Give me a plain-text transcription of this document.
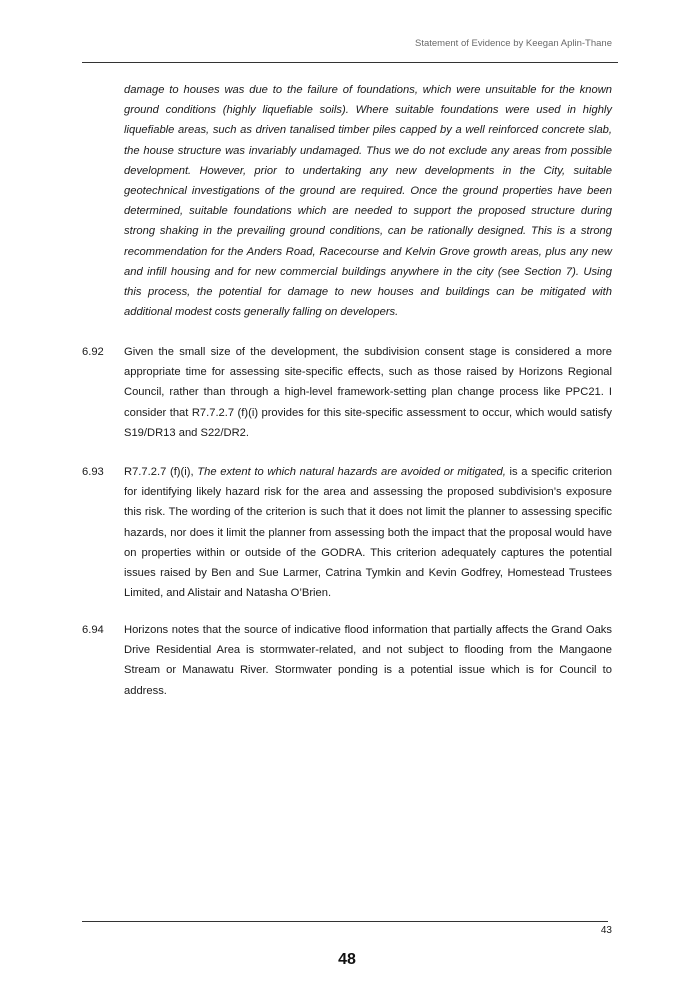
Statement of Evidence by Keegan Aplin-Thane
damage to houses was due to the failure of foundations, which were unsuitable for the known ground conditions (highly liquefiable soils). Where suitable foundations were used in highly liquefiable areas, such as driven tanalised timber piles capped by a well reinforced concrete slab, the house structure was invariably undamaged. Thus we do not exclude any areas from possible development. However, prior to undertaking any new developments in the City, suitable geotechnical investigations of the ground are required. Once the ground properties have been determined, suitable foundations which are needed to support the proposed structure during strong shaking in the prevailing ground conditions, can be rationally designed. This is a strong recommendation for the Anders Road, Racecourse and Kelvin Grove growth areas, plus any new and infill housing and for new commercial buildings anywhere in the city (see Section 7). Using this process, the potential for damage to new houses and buildings can be mitigated with additional modest costs generally falling on developers.
6.92 Given the small size of the development, the subdivision consent stage is considered a more appropriate time for assessing site-specific effects, such as those raised by Horizons Regional Council, rather than through a high-level framework-setting plan change process like PPC21. I consider that R7.7.2.7 (f)(i) provides for this site-specific assessment to occur, which would satisfy S19/DR13 and S22/DR2.
6.93 R7.7.2.7 (f)(i), The extent to which natural hazards are avoided or mitigated, is a specific criterion for identifying likely hazard risk for the area and assessing the proposed subdivision’s exposure this risk. The wording of the criterion is such that it does not limit the planner to assessing specific hazards, nor does it limit the planner from assessing both the impact that the proposal would have on properties within or outside of the GODRA. This criterion adequately captures the potential issues raised by Ben and Sue Larmer, Catrina Tymkin and Kevin Godfrey, Homestead Trustees Limited, and Alistair and Natasha O’Brien.
6.94 Horizons notes that the source of indicative flood information that partially affects the Grand Oaks Drive Residential Area is stormwater-related, and not subject to flooding from the Mangaone Stream or Manawatu River. Stormwater ponding is a potential issue which is for Council to address.
43
48
